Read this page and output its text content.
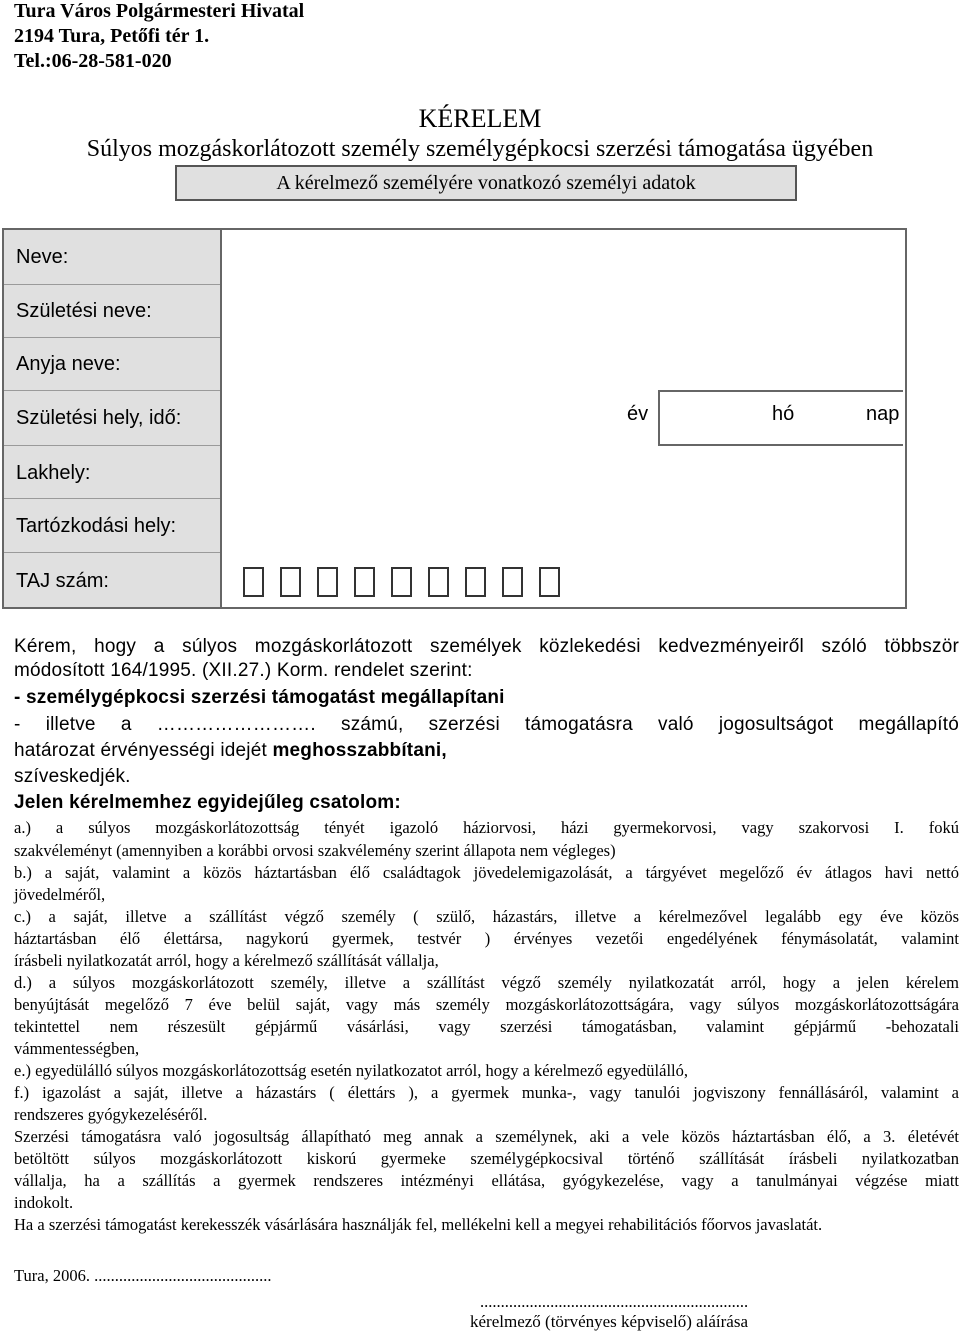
Tura Város Polgármesteri Hivatal
2194 Tura, Petőfi tér 1.
Tel.:06-28-581-020
KÉRELEM
Súlyos mozgáskorlátozott személy személygépkocsi szerzési támogatása ügyében
A kérelmező személyére vonatkozó személyi adatok
Neve:
Születési neve:
Anyja neve:
Születési hely, idő:
Lakhely:
Tartózkodási hely:
TAJ szám:
év	hó	nap
Kérem, hogy a súlyos mozgáskorlátozott személyek közlekedési kedvezményeiről szóló többször
módosított 164/1995. (XII.27.) Korm. rendelet szerint:
- személygépkocsi szerzési támogatást megállapítani
- illetve a ……………………. számú, szerzési támogatásra való jogosultságot megállapító
határozat érvényességi idejét meghosszabbítani,
szíveskedjék.
Jelen kérelmemhez egyidejűleg csatolom:
a.) a súlyos mozgáskorlátozottság tényét igazoló háziorvosi, házi gyermekorvosi, vagy szakorvosi I. fokú
szakvéleményt (amennyiben a korábbi orvosi szakvélemény szerint állapota nem végleges)
b.) a saját, valamint a közös háztartásban élő családtagok jövedelemigazolását, a tárgyévet megelőző év átlagos havi nettó
jövedelméről,
c.) a saját, illetve a szállítást végző személy ( szülő, házastárs, illetve a kérelmezővel legalább egy éve közös
háztartásban élő élettársa, nagykorú gyermek, testvér ) érvényes vezetői engedélyének fénymásolatát, valamint
írásbeli nyilatkozatát arról, hogy a kérelmező szállítását vállalja,
d.) a súlyos mozgáskorlátozott személy, illetve a szállítást végző személy nyilatkozatát arról, hogy a jelen kérelem
benyújtását megelőző 7 éve belül saját, vagy más személy mozgáskorlátozottságára, vagy súlyos mozgáskorlátozottságára
tekintettel nem részesült gépjármű vásárlási, vagy szerzési támogatásban, valamint gépjármű -behozatali
vámmentességben,
e.) egyedülálló súlyos mozgáskorlátozottság esetén nyilatkozatot arról, hogy a kérelmező egyedülálló,
f.) igazolást a saját, illetve a házastárs ( élettárs ), a gyermek munka-, vagy tanulói jogviszony fennállásáról, valamint a
rendszeres gyógykezeléséről.
Szerzési támogatásra való jogosultság állapítható meg annak a személynek, aki a vele közös háztartásban élő, a 3. életévét
betöltött súlyos mozgáskorlátozott kiskorú gyermeke személygépkocsival történő szállítását írásbeli nyilatkozatban
vállalja, ha a szállítás a gyermek rendszeres intézményi ellátása, gyógykezelése, vagy a tanulmányai végzése miatt
indokolt.
Ha a szerzési támogatást kerekesszék vásárlására használják fel, mellékelni kell a megyei rehabilitációs főorvos javaslatát.
Tura, 2006. ...........................................
.................................................................
kérelmező (törvényes képviselő) aláírása
